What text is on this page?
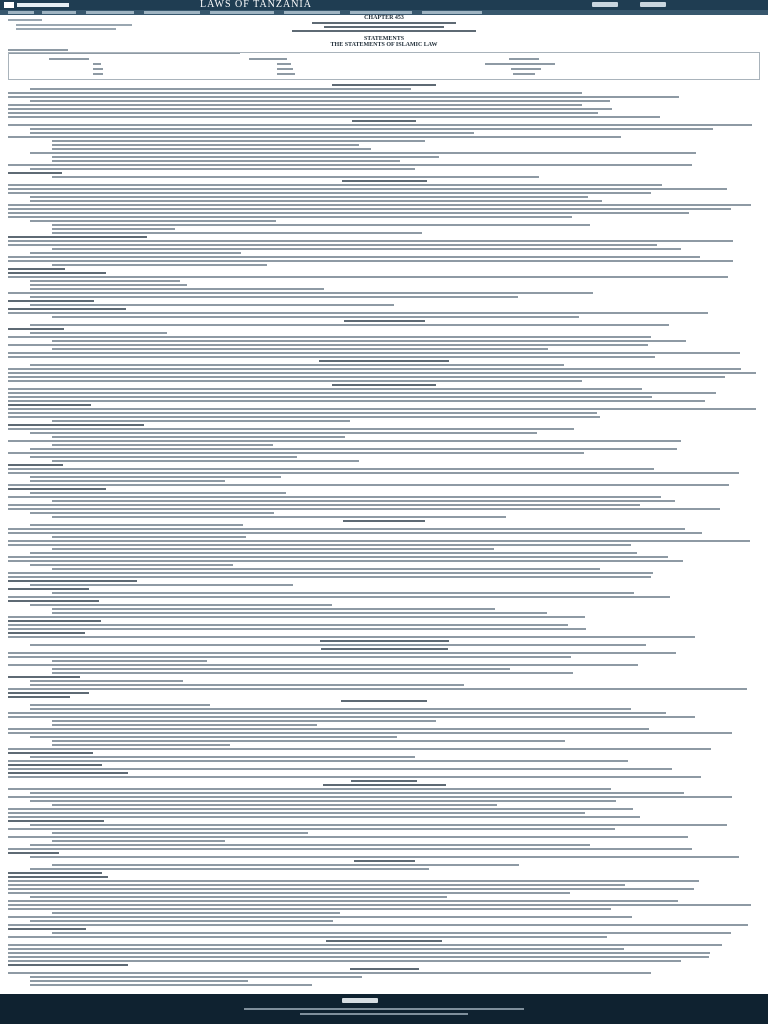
LAWS OF TANZANIA
CHAPTER 453
STATEMENTS
THE STATEMENTS OF ISLAMIC LAW
